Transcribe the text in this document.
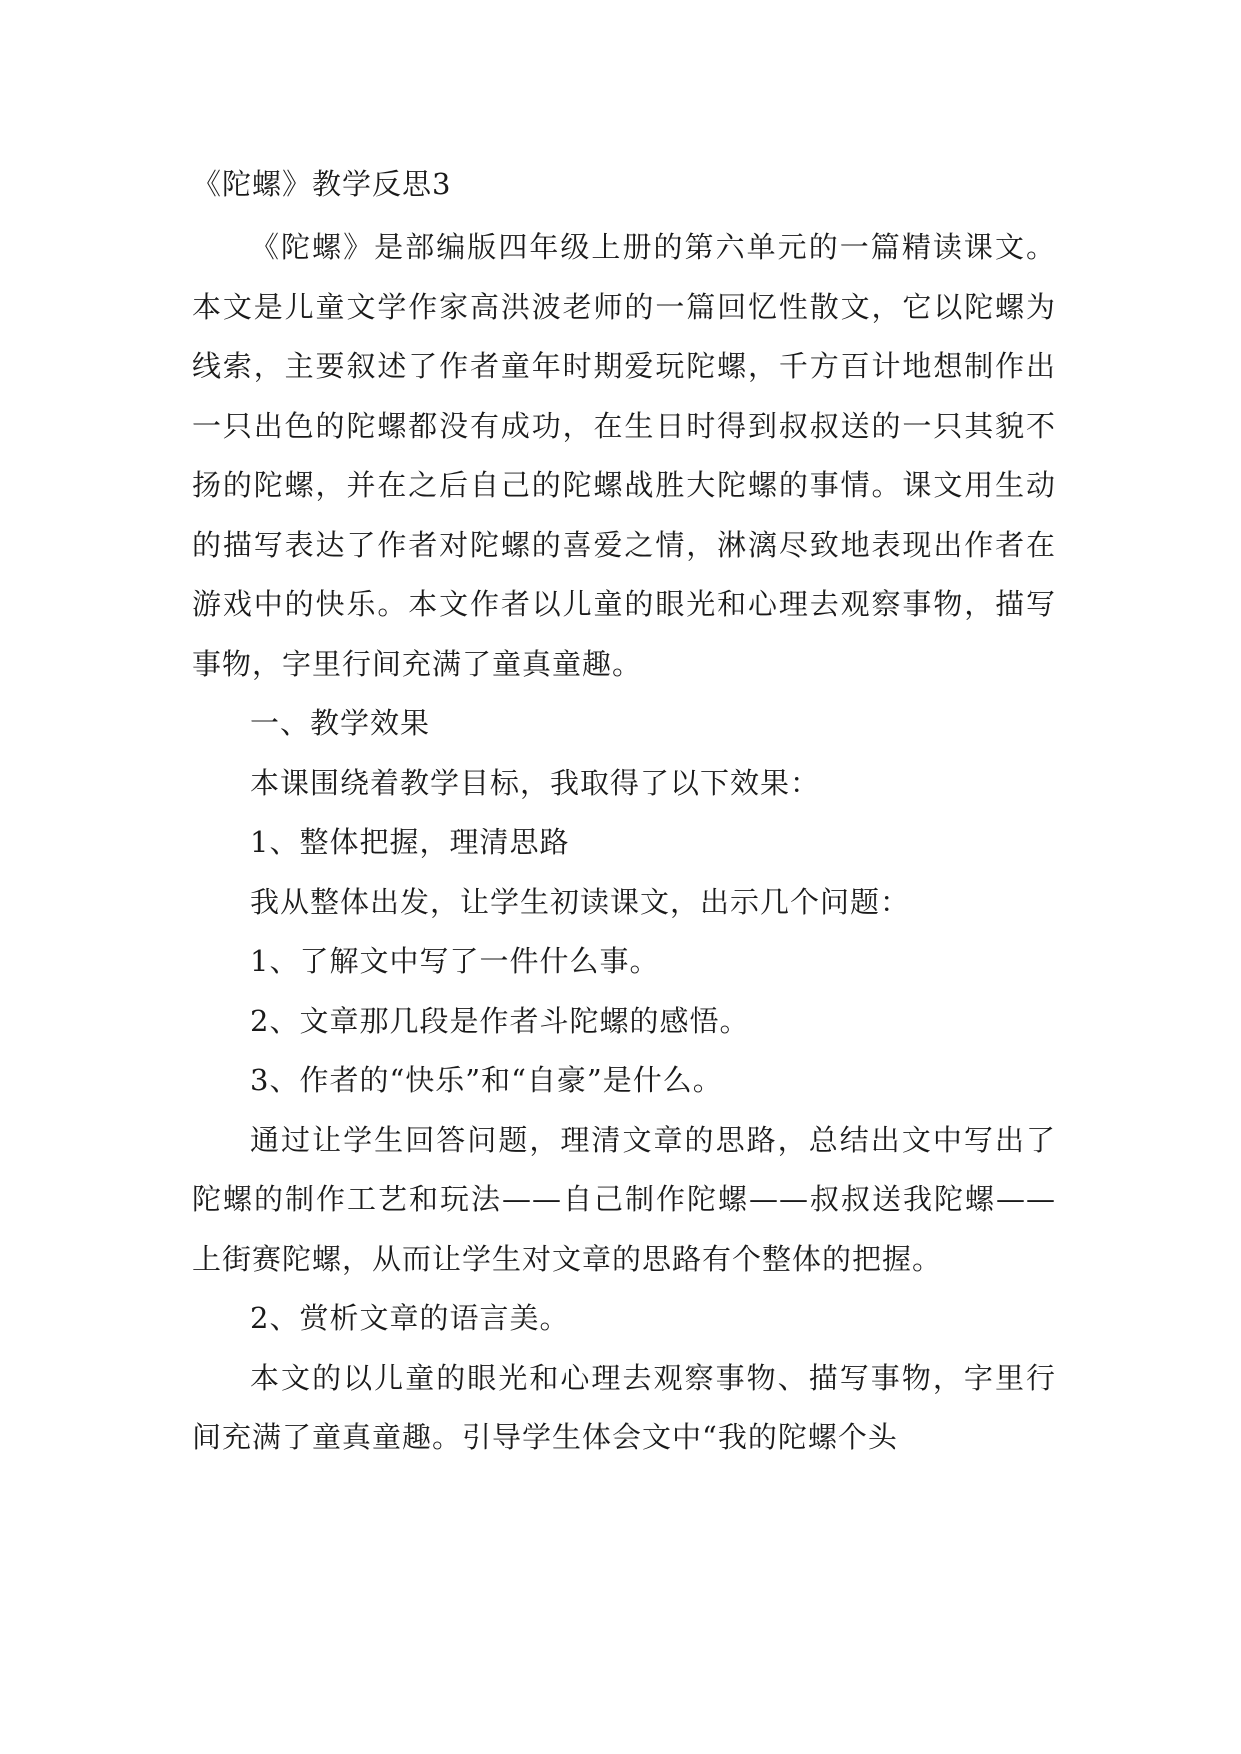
《陀螺》教学反思3

《陀螺》是部编版四年级上册的第六单元的一篇精读课文。本文是儿童文学作家高洪波老师的一篇回忆性散文，它以陀螺为线索，主要叙述了作者童年时期爱玩陀螺，千方百计地想制作出一只出色的陀螺都没有成功，在生日时得到叔叔送的一只其貌不扬的陀螺，并在之后自己的陀螺战胜大陀螺的事情。课文用生动的描写表达了作者对陀螺的喜爱之情，淋漓尽致地表现出作者在游戏中的快乐。本文作者以儿童的眼光和心理去观察事物，描写事物，字里行间充满了童真童趣。

一、教学效果

本课围绕着教学目标，我取得了以下效果：

1、整体把握，理清思路

我从整体出发，让学生初读课文，出示几个问题：

1、了解文中写了一件什么事。

2、文章那几段是作者斗陀螺的感悟。

3、作者的“快乐”和“自豪”是什么。

通过让学生回答问题，理清文章的思路，总结出文中写出了陀螺的制作工艺和玩法——自己制作陀螺——叔叔送我陀螺——上街赛陀螺，从而让学生对文章的思路有个整体的把握。

2、赏析文章的语言美。

本文的以儿童的眼光和心理去观察事物、描写事物，字里行间充满了童真童趣。引导学生体会文中“我的陀螺个头
